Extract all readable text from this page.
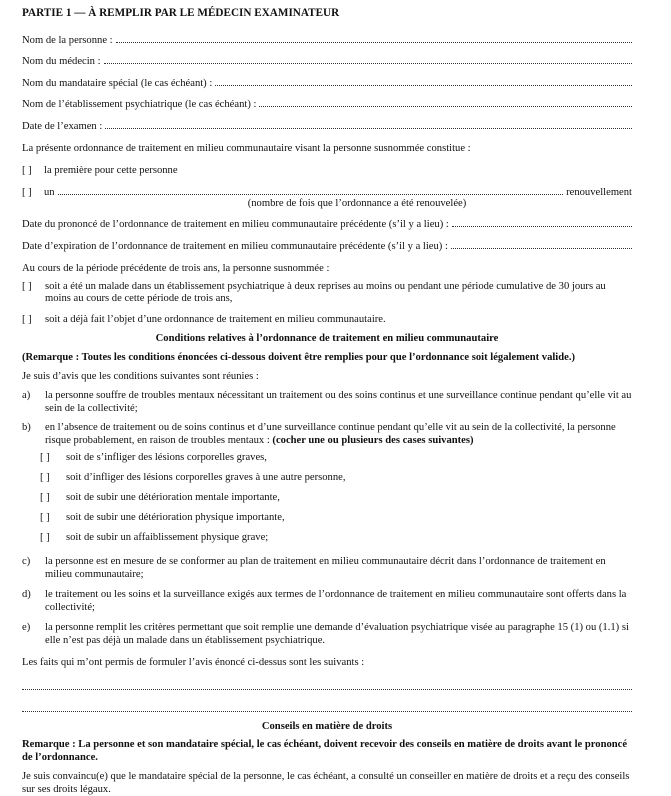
PARTIE 1 — À REMPLIR PAR LE MÉDECIN EXAMINATEUR
Nom de la personne :
Nom du médecin :
Nom du mandataire spécial (le cas échéant) :
Nom de l’établissement psychiatrique (le cas échéant) :
Date de l’examen :
La présente ordonnance de traitement en milieu communautaire visant la personne susnommée constitue :
[ ]	la première pour cette personne
[ ]	un	renouvellement
(nombre de fois que l’ordonnance a été renouvelée)
Date du prononcé de l’ordonnance de traitement en milieu communautaire précédente (s’il y a lieu) :
Date d’expiration de l’ordonnance de traitement en milieu communautaire précédente (s’il y a lieu) :
Au cours de la période précédente de trois ans, la personne susnommée :
[ ]	soit a été un malade dans un établissement psychiatrique à deux reprises au moins ou pendant une période cumulative de 30 jours au moins au cours de cette période de trois ans,
[ ]	soit a déjà fait l’objet d’une ordonnance de traitement en milieu communautaire.
Conditions relatives à l’ordonnance de traitement en milieu communautaire
(Remarque : Toutes les conditions énoncées ci-dessous doivent être remplies pour que l’ordonnance soit légalement valide.)
Je suis d’avis que les conditions suivantes sont réunies :
a)	la personne souffre de troubles mentaux nécessitant un traitement ou des soins continus et une surveillance continue pendant qu’elle vit au sein de la collectivité;
b)	en l’absence de traitement ou de soins continus et d’une surveillance continue pendant qu’elle vit au sein de la collectivité, la personne risque probablement, en raison de troubles mentaux : (cocher une ou plusieurs des cases suivantes)
[ ]	soit de s’infliger des lésions corporelles graves,
[ ]	soit d’infliger des lésions corporelles graves à une autre personne,
[ ]	soit de subir une détérioration mentale importante,
[ ]	soit de subir une détérioration physique importante,
[ ]	soit de subir un affaiblissement physique grave;
c)	la personne est en mesure de se conformer au plan de traitement en milieu communautaire décrit dans l’ordonnance de traitement en milieu communautaire;
d)	le traitement ou les soins et la surveillance exigés aux termes de l’ordonnance de traitement en milieu communautaire sont offerts dans la collectivité;
e)	la personne remplit les critères permettant que soit remplie une demande d’évaluation psychiatrique visée au paragraphe 15 (1) ou (1.1) si elle n’est pas déjà un malade dans un établissement psychiatrique.
Les faits qui m’ont permis de formuler l’avis énoncé ci-dessus sont les suivants :
Conseils en matière de droits
Remarque : La personne et son mandataire spécial, le cas échéant, doivent recevoir des conseils en matière de droits avant le prononcé de l’ordonnance.
Je suis convaincu(e) que le mandataire spécial de la personne, le cas échéant, a consulté un conseiller en matière de droits et a reçu des conseils sur ses droits légaux.
